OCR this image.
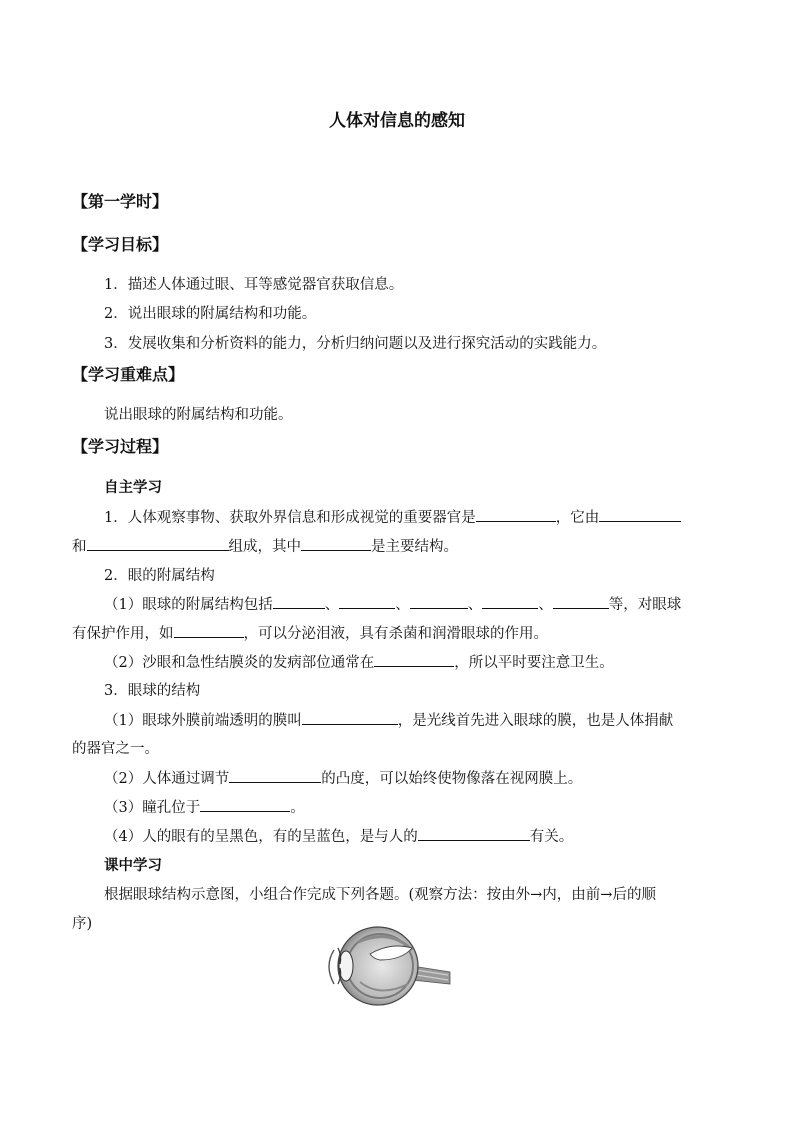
人体对信息的感知
【第一学时】
【学习目标】
1．描述人体通过眼、耳等感觉器官获取信息。
2．说出眼球的附属结构和功能。
3．发展收集和分析资料的能力，分析归纳问题以及进行探究活动的实践能力。
【学习重难点】
说出眼球的附属结构和功能。
【学习过程】
自主学习
1．人体观察事物、获取外界信息和形成视觉的重要器官是	，它由
和	组成，其中	是主要结构。
2．眼的附属结构
（1）眼球的附属结构包括	、	、	、	、	等，对眼球
有保护作用，如	，可以分泌泪液，具有杀菌和润滑眼球的作用。
（2）沙眼和急性结膜炎的发病部位通常在	，所以平时要注意卫生。
3．眼球的结构
（1）眼球外膜前端透明的膜叫	，是光线首先进入眼球的膜，也是人体捐献
的器官之一。
（2）人体通过调节	的凸度，可以始终使物像落在视网膜上。
（3）瞳孔位于	。
（4）人的眼有的呈黑色，有的呈蓝色，是与人的	有关。
课中学习
根据眼球结构示意图，小组合作完成下列各题。(观察方法：按由外→内，由前→后的顺
序)
